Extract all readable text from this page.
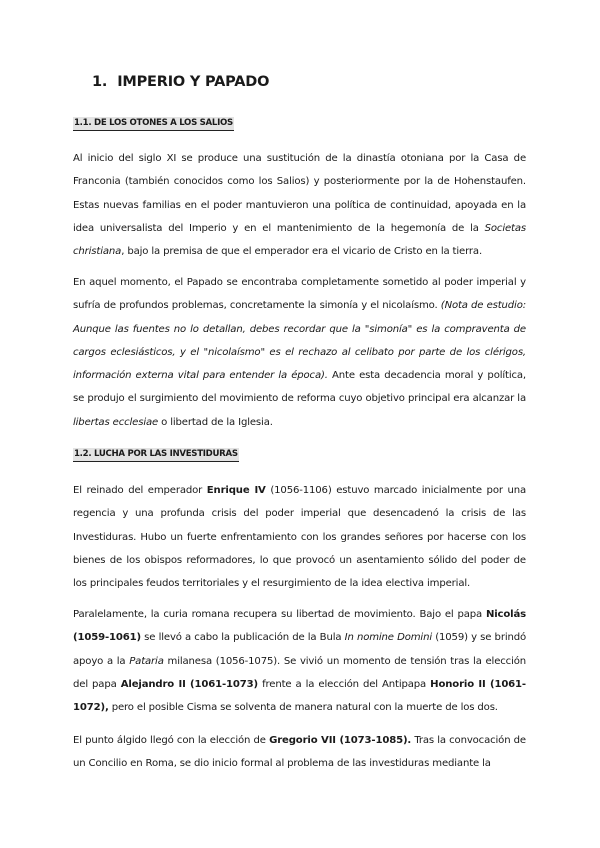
1. IMPERIO Y PAPADO
1.1. DE LOS OTONES A LOS SALIOS

Al inicio del siglo XI se produce una sustitución de la dinastía otoniana por la Casa de Franconia (también conocidos como los Salios) y posteriormente por la de Hohenstaufen. Estas nuevas familias en el poder mantuvieron una política de continuidad, apoyada en la idea universalista del Imperio y en el mantenimiento de la hegemonía de la Societas christiana, bajo la premisa de que el emperador era el vicario de Cristo en la tierra.

En aquel momento, el Papado se encontraba completamente sometido al poder imperial y sufría de profundos problemas, concretamente la simonía y el nicolaísmo. (Nota de estudio: Aunque las fuentes no lo detallan, debes recordar que la "simonía" es la compraventa de cargos eclesiásticos, y el "nicolaísmo" es el rechazo al celibato por parte de los clérigos, información externa vital para entender la época). Ante esta decadencia moral y política, se produjo el surgimiento del movimiento de reforma cuyo objetivo principal era alcanzar la libertas ecclesiae o libertad de la Iglesia.

1.2. LUCHA POR LAS INVESTIDURAS

El reinado del emperador Enrique IV (1056-1106) estuvo marcado inicialmente por una regencia y una profunda crisis del poder imperial que desencadenó la crisis de las Investiduras. Hubo un fuerte enfrentamiento con los grandes señores por hacerse con los bienes de los obispos reformadores, lo que provocó un asentamiento sólido del poder de los principales feudos territoriales y el resurgimiento de la idea electiva imperial.

Paralelamente, la curia romana recupera su libertad de movimiento. Bajo el papa Nicolás (1059-1061) se llevó a cabo la publicación de la Bula In nomine Domini (1059) y se brindó apoyo a la Pataria milanesa (1056-1075). Se vivió un momento de tensión tras la elección del papa Alejandro II (1061-1073) frente a la elección del Antipapa Honorio II (1061-1072), pero el posible Cisma se solventa de manera natural con la muerte de los dos.

El punto álgido llegó con la elección de Gregorio VII (1073-1085). Tras la convocación de un Concilio en Roma, se dio inicio formal al problema de las investiduras mediante la
